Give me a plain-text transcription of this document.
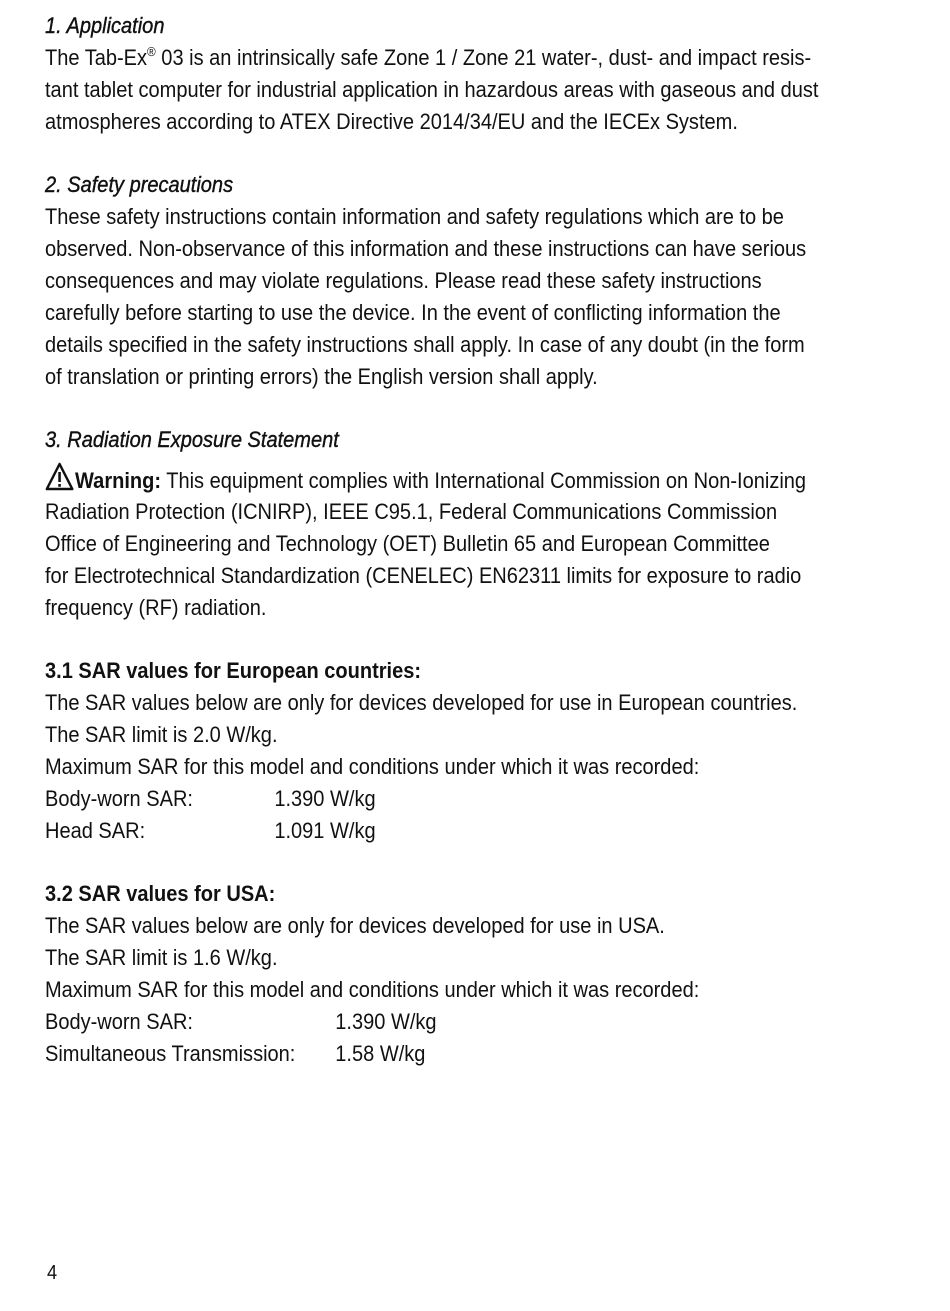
1. Application
The Tab-Ex® 03 is an intrinsically safe Zone 1 / Zone 21 water-, dust- and impact resis-
tant tablet computer for industrial application in hazardous areas with gaseous and dust
atmospheres according to ATEX Directive 2014/34/EU and the IECEx System.
2. Safety precautions
These safety instructions contain information and safety regulations which are to be
observed. Non-observance of this information and these instructions can have serious
consequences and may violate regulations. Please read these safety instructions
carefully before starting to use the device. In the event of conflicting information the
details specified in the safety instructions shall apply. In case of any doubt (in the form
of translation or printing errors) the English version shall apply.
3. Radiation Exposure Statement
Warning: This equipment complies with International Commission on Non-Ionizing
Radiation Protection (ICNIRP), IEEE C95.1, Federal Communications Commission
Office of Engineering and Technology (OET) Bulletin 65 and European Committee
for Electrotechnical Standardization (CENELEC) EN62311 limits for exposure to radio
frequency (RF) radiation.
3.1 SAR values for European countries:
The SAR values below are only for devices developed for use in European countries.
The SAR limit is 2.0 W/kg.
Maximum SAR for this model and conditions under which it was recorded:
Body-worn SAR:	1.390 W/kg
Head SAR:	1.091 W/kg
3.2 SAR values for USA:
The SAR values below are only for devices developed for use in USA.
The SAR limit is 1.6 W/kg.
Maximum SAR for this model and conditions under which it was recorded:
Body-worn SAR:	1.390 W/kg
Simultaneous Transmission: 1.58 W/kg
4
